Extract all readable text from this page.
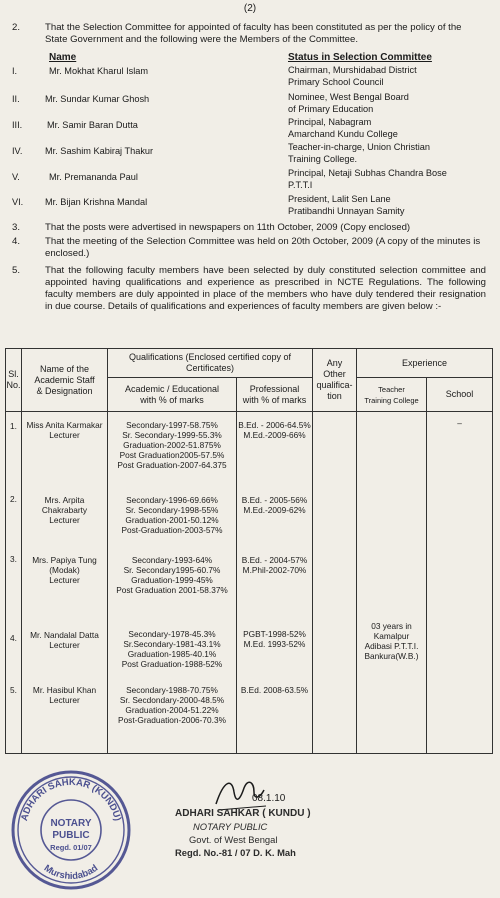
(2)
2.	That the Selection Committee for appointed of faculty has been constituted as per the policy of the State Government and the following were the Members of the Committee.
Name	Status in Selection Committee
I.	Mr. Mokhat Kharul Islam	Chairman, Murshidabad District
Primary School Council
II.	Mr. Sundar Kumar Ghosh	Nominee, West Bengal Board
of Primary Education
III.	Mr. Samir Baran Dutta	Principal, Nabagram
Amarchand Kundu College
IV. Mr. Sashim Kabiraj Thakur	Teacher-in-charge, Union Christian
Training College.
V.	Mr. Premananda Paul	Principal, Netaji Subhas Chandra Bose
P.T.T.I
VI. Mr. Bijan Krishna Mandal	President, Lalit Sen Lane
Pratibandhi Unnayan Samity
3.	That the posts were advertised in newspapers on 11th October, 2009 (Copy enclosed)
4.	That the meeting of the Selection Committee was held on 20th October, 2009 (A copy of the minutes is enclosed.)
5.	That the following faculty members have been selected by duly constituted selection committee and appointed having qualifications and experience as prescribed in NCTE Regulations. The following faculty members are duly appointed in place of the members who have duly tendered their resignation in due course. Details of qualifications and experiences of faculty members are given below :-
Sl.
No.	Name of the
Academic Staff
& Designation	Qualifications (Enclosed certified copy of
Certificates)		Any
Other
qualifica-
tion	Experience	
		Academic / Educational
with % of marks	Professional
with % of marks		Teacher
Training College	School
1.	Miss Anita Karmakar
Lecturer	Secondary-1997-58.75%
Sr. Secondary-1999-55.3%
Graduation-2002-51.875%
Post Graduation2005-57.5%
Post Graduation-2007-64.375	B.Ed. - 2006-64.5%
M.Ed.-2009-66%			–
2.	Mrs. Arpita
Chakrabarty
Lecturer	Secondary-1996-69.66%
Sr. Secondary-1998-55%
Graduation-2001-50.12%
Post-Graduation-2003-57%	B.Ed. - 2005-56%
M.Ed.-2009-62%			
3.	Mrs. Papiya Tung
(Modak)
Lecturer	Secondary-1993-64%
Sr. Secondary1995-60.7%
Graduation-1999-45%
Post Graduation 2001-58.37%	B.Ed. - 2004-57%
M.Phil-2002-70%			
4.	Mr. Nandalal Datta
Lecturer	Secondary-1978-45.3%
Sr.Secondary-1981-43.1%
Graduation-1985-40.1%
Post Graduation-1988-52%	PGBT-1998-52%
M.Ed. 1993-52%		03 years in
Kamalpur
Adibasi P.T.T.I.
Bankura(W.B.)	
5.	Mr. Hasibul Khan
Lecturer	Secondary-1988-70.75%
Sr. Secdondary-2000-48.5%
Graduation-2004-51.22%
Post-Graduation-2006-70.3%	B.Ed. 2008-63.5%			
ADHARI SAHKAR (KUNDU)
Murshidabad
NOTARY
PUBLIC
Regd. 01/07
08.1.10
ADHARI SAHKAR ( KUNDU )
NOTARY PUBLIC
Govt. of West Bengal
Regd. No.-81 / 07 D. K. Mah
